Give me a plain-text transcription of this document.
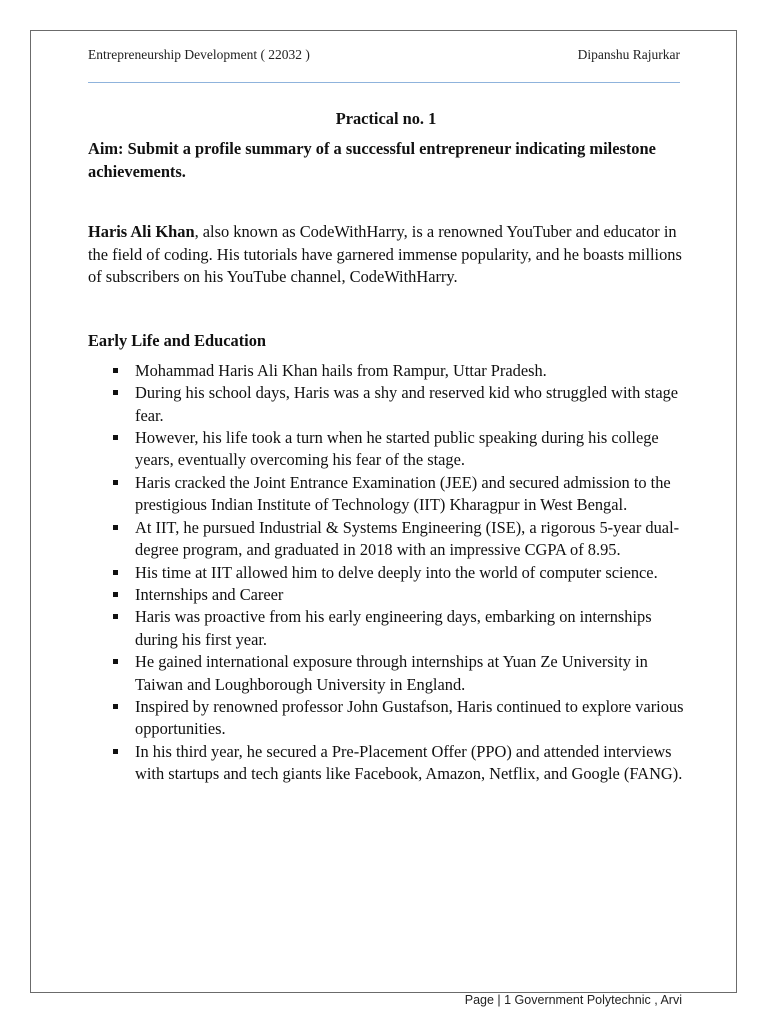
Entrepreneurship Development ( 22032 )	Dipanshu Rajurkar
Practical no. 1
Aim: Submit a profile summary of a successful entrepreneur indicating milestone achievements.

Haris Ali Khan, also known as CodeWithHarry, is a renowned YouTuber and educator in the field of coding. His tutorials have garnered immense popularity, and he boasts millions of subscribers on his YouTube channel, CodeWithHarry.

Early Life and Education
Mohammad Haris Ali Khan hails from Rampur, Uttar Pradesh.
During his school days, Haris was a shy and reserved kid who struggled with stage fear.
However, his life took a turn when he started public speaking during his college years, eventually overcoming his fear of the stage.
Haris cracked the Joint Entrance Examination (JEE) and secured admission to the prestigious Indian Institute of Technology (IIT) Kharagpur in West Bengal.
At IIT, he pursued Industrial & Systems Engineering (ISE), a rigorous 5-year dual-degree program, and graduated in 2018 with an impressive CGPA of 8.95.
His time at IIT allowed him to delve deeply into the world of computer science.
Internships and Career
Haris was proactive from his early engineering days, embarking on internships during his first year.
He gained international exposure through internships at Yuan Ze University in Taiwan and Loughborough University in England.
Inspired by renowned professor John Gustafson, Haris continued to explore various opportunities.
In his third year, he secured a Pre-Placement Offer (PPO) and attended interviews with startups and tech giants like Facebook, Amazon, Netflix, and Google (FANG).
Page | 1 Government Polytechnic , Arvi
